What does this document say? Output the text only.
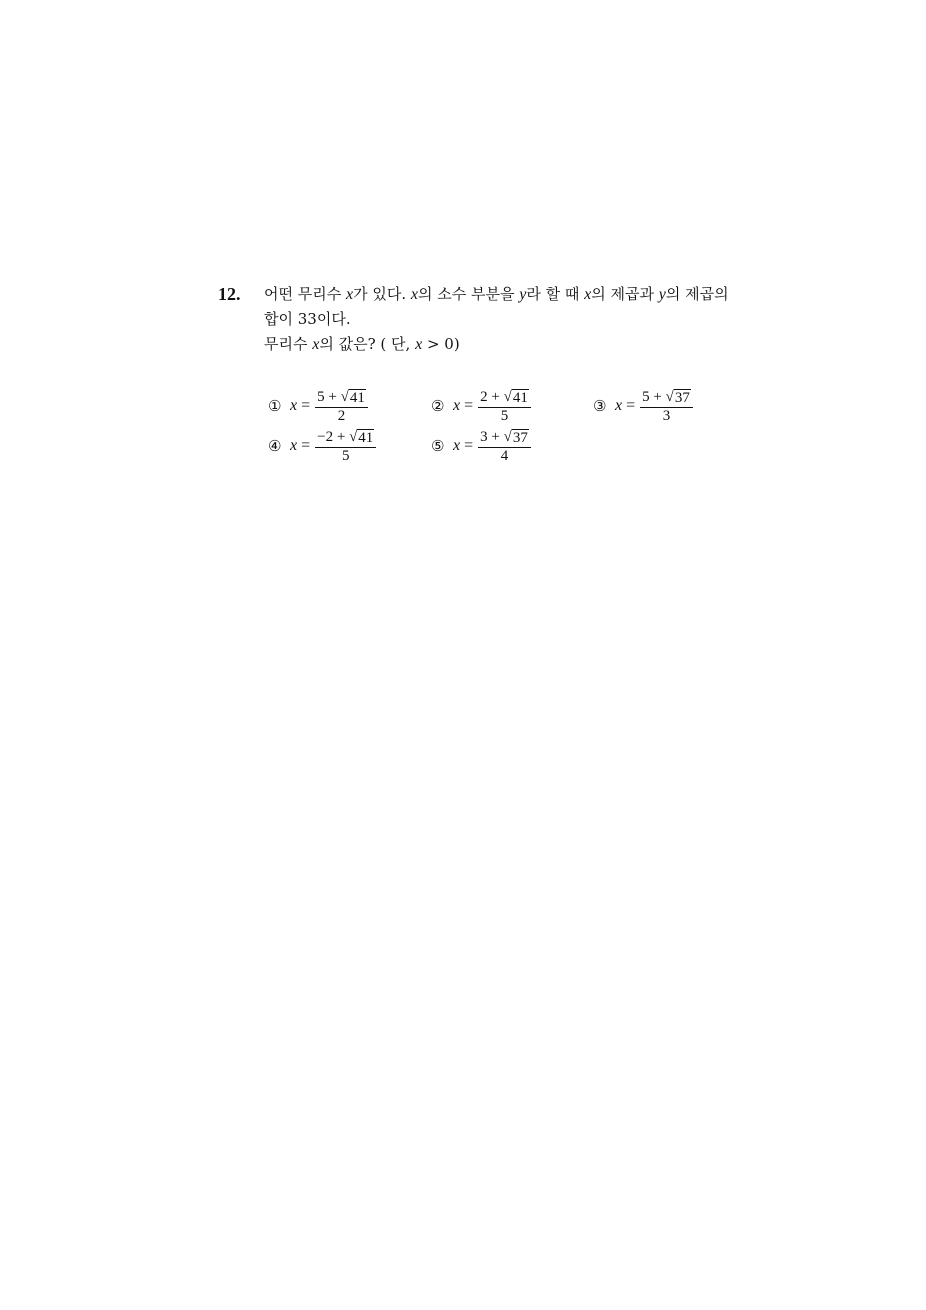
12. 어떤 무리수 x가 있다. x의 소수 부분을 y라 할 때 x의 제곱과 y의 제곱의
합이 33이다.
무리수 x의 값은? ( 단, x > 0)
① $x = \frac{5 + √ 41}{2}$	② $x = \frac{2 + √ 41}{5}$	③ $x = \frac{5 + √ 37}{3}$
④ $x = \frac{-2 + √ 41}{5}$	⑤ $x = \frac{3 + √ 37}{4}$
